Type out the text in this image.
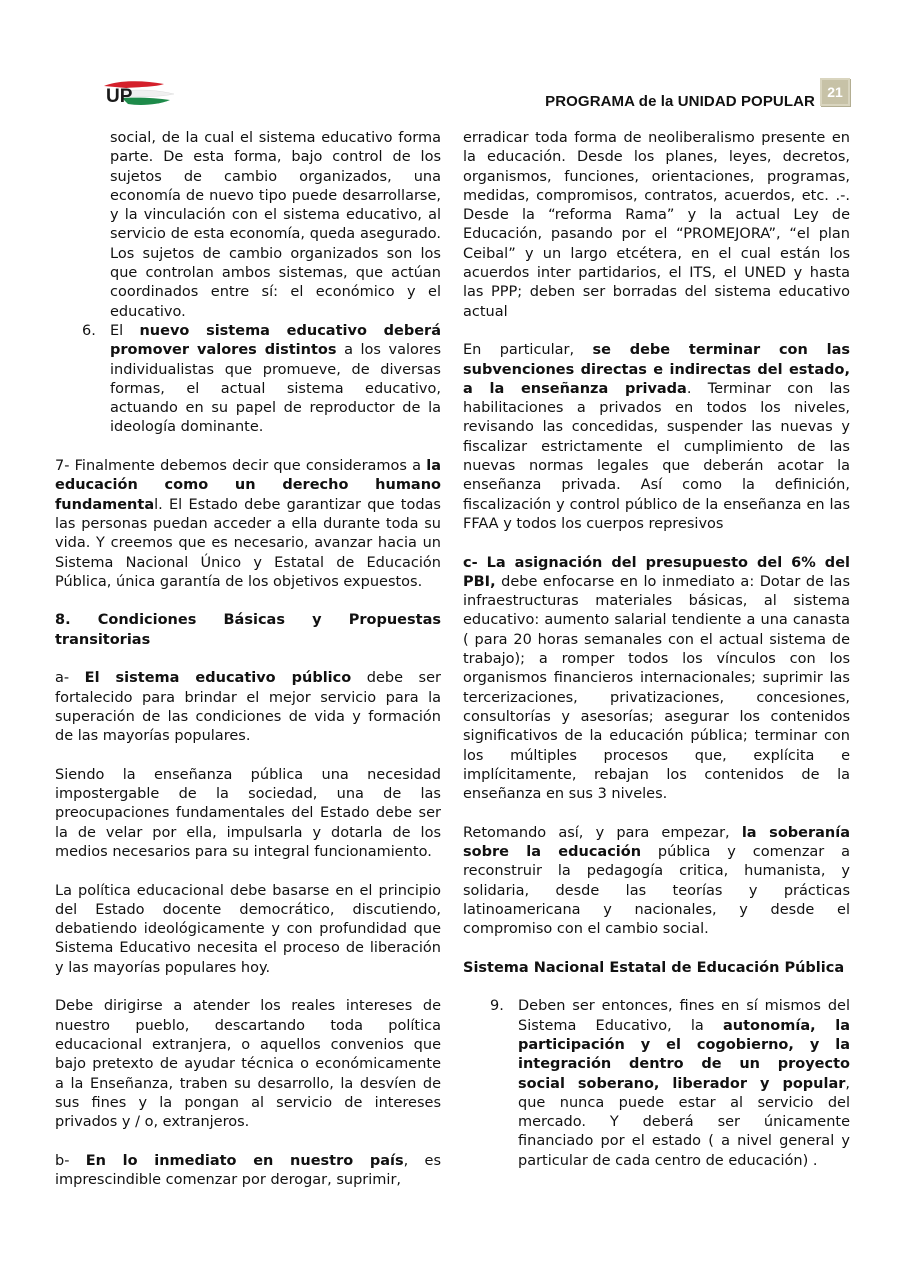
UP	PROGRAMA de la UNIDAD POPULAR
21

social, de la cual el sistema educativo forma parte. De esta forma, bajo control de los sujetos de cambio organizados, una economía de nuevo tipo puede desarrollarse, y la vinculación con el sistema educativo, al servicio de esta economía, queda asegurado. Los sujetos de cambio organizados son los que controlan ambos sistemas, que actúan coordinados entre sí: el económico y el educativo.

6. El nuevo sistema educativo deberá promover valores distintos a los valores individualistas que promueve, de diversas formas, el actual sistema educativo, actuando en su papel de reproductor de la ideología dominante.

7- Finalmente debemos decir que consideramos a la educación como un derecho humano fundamental. El Estado debe garantizar que todas las personas puedan acceder a ella durante toda su vida. Y creemos que es necesario, avanzar hacia un Sistema Nacional Único y Estatal de Educación Pública, única garantía de los objetivos expuestos.

8. Condiciones Básicas y Propuestas transitorias

a- El sistema educativo público debe ser fortalecido para brindar el mejor servicio para la superación de las condiciones de vida y formación de las mayorías populares.

Siendo la enseñanza pública una necesidad impostergable de la sociedad, una de las preocupaciones fundamentales del Estado debe ser la de velar por ella, impulsarla y dotarla de los medios necesarios para su integral funcionamiento.

La política educacional debe basarse en el principio del Estado docente democrático, discutiendo, debatiendo ideológicamente y con profundidad que Sistema Educativo necesita el proceso de liberación y las mayorías populares hoy.

Debe dirigirse a atender los reales intereses de nuestro pueblo, descartando toda política educacional extranjera, o aquellos convenios que bajo pretexto de ayudar técnica o económicamente a la Enseñanza, traben su desarrollo, la desvíen de sus fines y la pongan al servicio de intereses privados y / o, extranjeros.

b- En lo inmediato en nuestro país, es imprescindible comenzar por derogar, suprimir,

erradicar toda forma de neoliberalismo presente en la educación. Desde los planes, leyes, decretos, organismos, funciones, orientaciones, programas, medidas, compromisos, contratos, acuerdos, etc. .-. Desde la “reforma Rama” y la actual Ley de Educación, pasando por el “PROMEJORA”, “el plan Ceibal” y un largo etcétera, en el cual están los acuerdos inter partidarios, el ITS, el UNED y hasta las PPP; deben ser borradas del sistema educativo actual

En particular, se debe terminar con las subvenciones directas e indirectas del estado, a la enseñanza privada. Terminar con las habilitaciones a privados en todos los niveles, revisando las concedidas, suspender las nuevas y fiscalizar estrictamente el cumplimiento de las nuevas normas legales que deberán acotar la enseñanza privada. Así como la definición, fiscalización y control público de la enseñanza en las FFAA y todos los cuerpos represivos

c- La asignación del presupuesto del 6% del PBI, debe enfocarse en lo inmediato a: Dotar de las infraestructuras materiales básicas, al sistema educativo: aumento salarial tendiente a una canasta ( para 20 horas semanales con el actual sistema de trabajo); a romper todos los vínculos con los organismos financieros internacionales; suprimir las tercerizaciones, privatizaciones, concesiones, consultorías y asesorías; asegurar los contenidos significativos de la educación pública; terminar con los múltiples procesos que, explícita e implícitamente, rebajan los contenidos de la enseñanza en sus 3 niveles.

Retomando así, y para empezar, la soberanía sobre la educación pública y comenzar a reconstruir la pedagogía critica, humanista, y solidaria, desde las teorías y prácticas latinoamericana y nacionales, y desde el compromiso con el cambio social.

Sistema Nacional Estatal de Educación Pública

9. Deben ser entonces, fines en sí mismos del Sistema Educativo, la autonomía, la participación y el cogobierno, y la integración dentro de un proyecto social soberano, liberador y popular, que nunca puede estar al servicio del mercado. Y deberá ser únicamente financiado por el estado ( a nivel general y particular de cada centro de educación) .
